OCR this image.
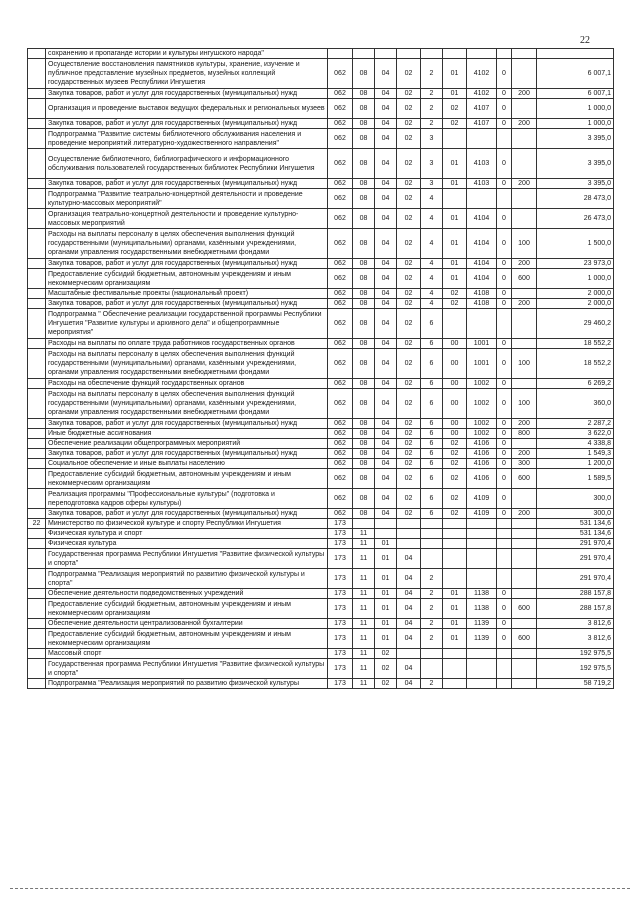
22
	сохранению и пропаганде истории и культуры ингушского народа"										
	Осуществление восстановления памятников культуры, хранение, изучение и публичное представление музейных предметов, музейных коллекций государственных музеев Республики Ингушетия	062	08	04	02	2	01	4102	0		6 007,1
	Закупка товаров, работ и услуг для государственных (муниципальных) нужд	062	08	04	02	2	01	4102	0	200	6 007,1
	Организация и проведение выставок ведущих федеральных и региональных музеев	062	08	04	02	2	02	4107	0		1 000,0
	Закупка товаров, работ и услуг для государственных (муниципальных) нужд	062	08	04	02	2	02	4107	0	200	1 000,0
	Подпрограмма "Развитие системы библиотечного обслуживания населения и проведение мероприятий литературно-художественного направления"	062	08	04	02	3					3 395,0
	Осуществление библиотечного, библиографического и информационного обслуживания пользователей государственных библиотек Республики Ингушетия	062	08	04	02	3	01	4103	0		3 395,0
	Закупка товаров, работ и услуг для государственных (муниципальных) нужд	062	08	04	02	3	01	4103	0	200	3 395,0
	Подпрограмма "Развитие театрально-концертной деятельности и проведение культурно-массовых мероприятий"	062	08	04	02	4					28 473,0
	Организация театрально-концертной деятельности и проведение культурно-массовых мероприятий	062	08	04	02	4	01	4104	0		26 473,0
	Расходы на выплаты персоналу в целях обеспечения выполнения функций государственными (муниципальными) органами, казёнными учреждениями, органами управления государственными внебюджетными фондами	062	08	04	02	4	01	4104	0	100	1 500,0
	Закупка товаров, работ и услуг для государственных (муниципальных) нужд	062	08	04	02	4	01	4104	0	200	23 973,0
	Предоставление субсидий бюджетным, автономным учреждениям и иным некоммерческим организациям	062	08	04	02	4	01	4104	0	600	1 000,0
	Масштабные фестивальные проекты (национальный проект)	062	08	04	02	4	02	4108	0		2 000,0
	Закупка товаров, работ и услуг для государственных (муниципальных) нужд	062	08	04	02	4	02	4108	0	200	2 000,0
	Подпрограмма " Обеспечение реализации государственной программы Республики Ингушетия "Развитие культуры и архивного дела" и общепрограммные мероприятия"	062	08	04	02	6					29 460,2
	Расходы на выплаты по оплате труда работников государственных органов	062	08	04	02	6	00	1001	0		18 552,2
	Расходы на выплаты персоналу в целях обеспечения выполнения функций государственными (муниципальными) органами, казёнными учреждениями, органами управления государственными внебюджетными фондами	062	08	04	02	6	00	1001	0	100	18 552,2
	Расходы на обеспечение функций государственных органов	062	08	04	02	6	00	1002	0		6 269,2
	Расходы на выплаты персоналу в целях обеспечения выполнения функций государственными (муниципальными) органами, казёнными учреждениями, органами управления государственными внебюджетными фондами	062	08	04	02	6	00	1002	0	100	360,0
	Закупка товаров, работ и услуг для государственных (муниципальных) нужд	062	08	04	02	6	00	1002	0	200	2 287,2
	Иные бюджетные ассигнования	062	08	04	02	6	00	1002	0	800	3 622,0
	Обеспечение реализации общепрограммных мероприятий	062	08	04	02	6	02	4106	0		4 338,8
	Закупка товаров, работ и услуг для государственных (муниципальных) нужд	062	08	04	02	6	02	4106	0	200	1 549,3
	Социальное обеспечение и иные выплаты населению	062	08	04	02	6	02	4106	0	300	1 200,0
	Предоставление субсидий бюджетным, автономным учреждениям и иным некоммерческим организациям	062	08	04	02	6	02	4106	0	600	1 589,5
	Реализация программы "Профессиональные культуры" (подготовка и переподготовка кадров сферы культуры)	062	08	04	02	6	02	4109	0		300,0
	Закупка товаров, работ и услуг для государственных (муниципальных) нужд	062	08	04	02	6	02	4109	0	200	300,0
22	Министерство по физической культуре и спорту Республики Ингушетия	173									531 134,6
	Физическая культура и спорт	173	11								531 134,6
	Физическая культура	173	11	01							291 970,4
	Государственная программа Республики Ингушетия "Развитие физической культуры и спорта"	173	11	01	04						291 970,4
	Подпрограмма "Реализация мероприятий по развитию физической культуры и спорта"	173	11	01	04	2					291 970,4
	Обеспечение деятельности подведомственных учреждений	173	11	01	04	2	01	1138	0		288 157,8
	Предоставление субсидий бюджетным, автономным учреждениям и иным некоммерческим организациям	173	11	01	04	2	01	1138	0	600	288 157,8
	Обеспечение деятельности централизованной бухгалтерии	173	11	01	04	2	01	1139	0		3 812,6
	Предоставление субсидий бюджетным, автономным учреждениям и иным некоммерческим организациям	173	11	01	04	2	01	1139	0	600	3 812,6
	Массовый спорт	173	11	02							192 975,5
	Государственная программа Республики Ингушетия "Развитие физической культуры и спорта"	173	11	02	04						192 975,5
	Подпрограмма "Реализация мероприятий по развитию физической культуры	173	11	02	04	2					58 719,2
